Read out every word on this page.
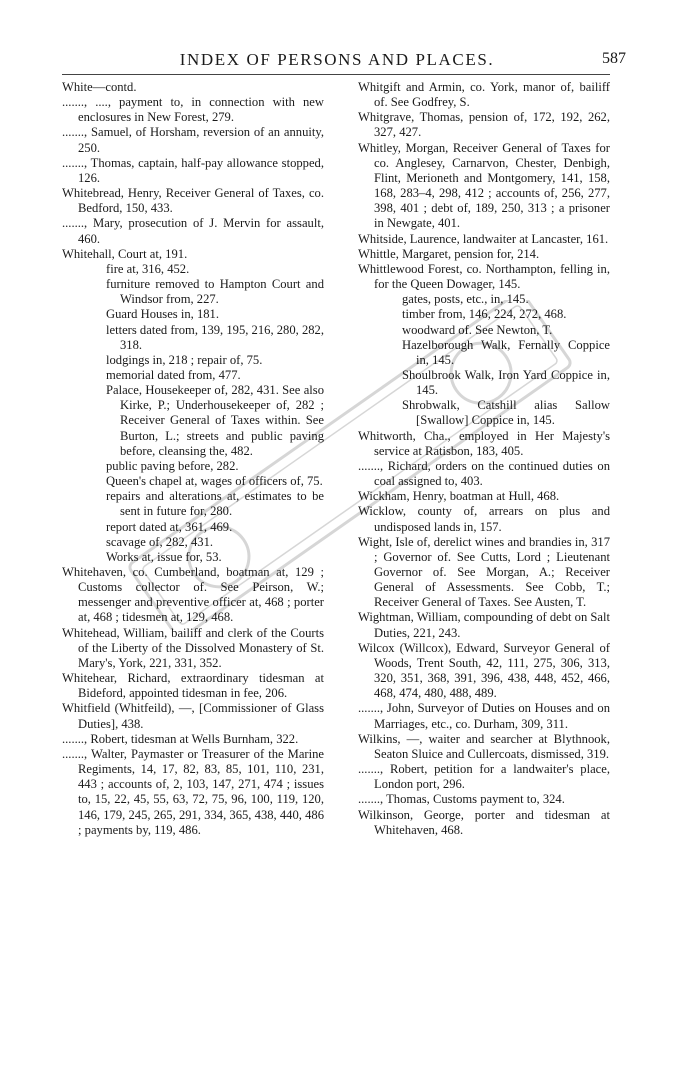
INDEX OF PERSONS AND PLACES.	587

White—contd.

......., ...., payment to, in connection with new enclosures in New Forest, 279.

......., Samuel, of Horsham, reversion of an annuity, 250.

......., Thomas, captain, half-pay allowance stopped, 126.

Whitebread, Henry, Receiver General of Taxes, co. Bedford, 150, 433.

......., Mary, prosecution of J. Mervin for assault, 460.

Whitehall, Court at, 191.

fire at, 316, 452.

furniture removed to Hampton Court and Windsor from, 227.

Guard Houses in, 181.

letters dated from, 139, 195, 216, 280, 282, 318.

lodgings in, 218 ; repair of, 75.

memorial dated from, 477.

Palace, Housekeeper of, 282, 431. See also Kirke, P.; Underhousekeeper of, 282 ; Receiver General of Taxes within. See Burton, L.; streets and public paving before, cleansing the, 482.

public paving before, 282.

Queen's chapel at, wages of officers of, 75.

repairs and alterations at, estimates to be sent in future for, 280.

report dated at, 361, 469.

scavage of, 282, 431.

Works at, issue for, 53.

Whitehaven, co. Cumberland, boatman at, 129 ; Customs collector of. See Peirson, W.; messenger and preventive officer at, 468 ; porter at, 468 ; tidesmen at, 129, 468.

Whitehead, William, bailiff and clerk of the Courts of the Liberty of the Dissolved Monastery of St. Mary's, York, 221, 331, 352.

Whitehear, Richard, extraordinary tidesman at Bideford, appointed tidesman in fee, 206.

Whitfield (Whitfeild), —, [Commissioner of Glass Duties], 438.

......., Robert, tidesman at Wells Burnham, 322.

......., Walter, Paymaster or Treasurer of the Marine Regiments, 14, 17, 82, 83, 85, 101, 110, 231, 443 ; accounts of, 2, 103, 147, 271, 474 ; issues to, 15, 22, 45, 55, 63, 72, 75, 96, 100, 119, 120, 146, 179, 245, 265, 291, 334, 365, 438, 440, 486 ; payments by, 119, 486.

Whitgift and Armin, co. York, manor of, bailiff of. See Godfrey, S.

Whitgrave, Thomas, pension of, 172, 192, 262, 327, 427.

Whitley, Morgan, Receiver General of Taxes for co. Anglesey, Carnarvon, Chester, Denbigh, Flint, Merioneth and Montgomery, 141, 158, 168, 283–4, 298, 412 ; accounts of, 256, 277, 398, 401 ; debt of, 189, 250, 313 ; a prisoner in Newgate, 401.

Whitside, Laurence, landwaiter at Lancaster, 161.

Whittle, Margaret, pension for, 214.

Whittlewood Forest, co. Northampton, felling in, for the Queen Dowager, 145.

gates, posts, etc., in, 145.

timber from, 146, 224, 272, 468.

woodward of. See Newton, T.

Hazelborough Walk, Fernally Coppice in, 145.

Shoulbrook Walk, Iron Yard Coppice in, 145.

Shrobwalk, Catshill alias Sallow [Swallow] Coppice in, 145.

Whitworth, Cha., employed in Her Majesty's service at Ratisbon, 183, 405.

......., Richard, orders on the continued duties on coal assigned to, 403.

Wickham, Henry, boatman at Hull, 468.

Wicklow, county of, arrears on plus and undisposed lands in, 157.

Wight, Isle of, derelict wines and brandies in, 317 ; Governor of. See Cutts, Lord ; Lieutenant Governor of. See Morgan, A.; Receiver General of Assessments. See Cobb, T.; Receiver General of Taxes. See Austen, T.

Wightman, William, compounding of debt on Salt Duties, 221, 243.

Wilcox (Willcox), Edward, Surveyor General of Woods, Trent South, 42, 111, 275, 306, 313, 320, 351, 368, 391, 396, 438, 448, 452, 466, 468, 474, 480, 488, 489.

......., John, Surveyor of Duties on Houses and on Marriages, etc., co. Durham, 309, 311.

Wilkins, —, waiter and searcher at Blythnook, Seaton Sluice and Cullercoats, dismissed, 319.

......., Robert, petition for a landwaiter's place, London port, 296.

......., Thomas, Customs payment to, 324.

Wilkinson, George, porter and tidesman at Whitehaven, 468.
